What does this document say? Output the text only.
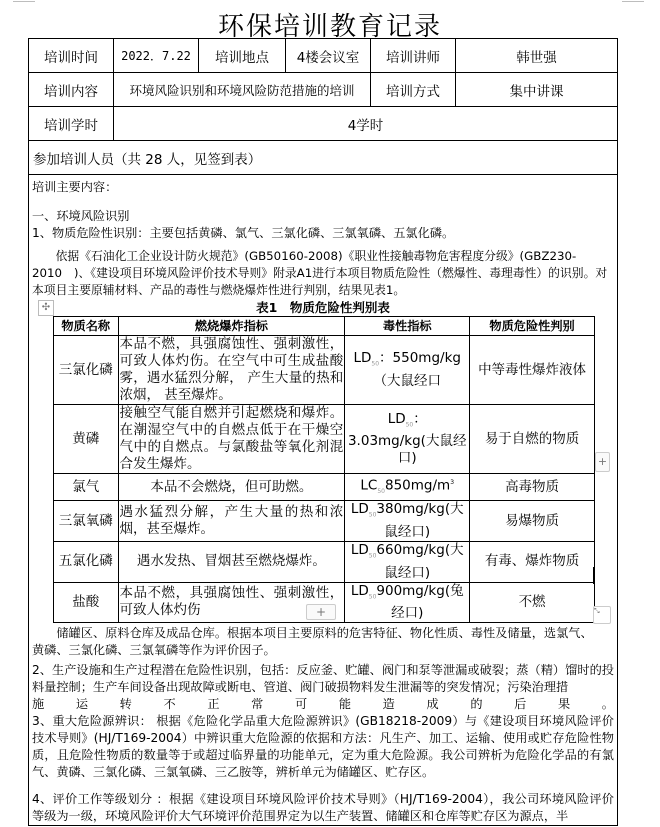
环保培训教育记录
培训时间	2022．7.22	培训地点	4楼会议室	培训讲师	韩世强
培训内容	环境风险识别和环境风险防范措施的培训	培训方式	集中讲课
培训学时	4学时
参加培训人员（共 28 人，见签到表）

培训主要内容：

一、环境风险识别

1、物质危险性识别：主要包括黄磷、氯气、三氯化磷、三氯氧磷、五氯化磷。

依据《石油化工企业设计防火规范》(GB50160-2008)《职业性接触毒物危害程度分级》(GBZ230-2010　)、《建设项目环境风险评价技术导则》附录A1进行本项目物质危险性（燃爆性、毒理毒性）的识别。对本项目主要原辅材料、产品的毒性与燃烧爆炸性进行判别，结果见表1。

✣	表1　物质危险性判别表
物质名称	燃烧爆炸指标	毒性指标	物质危险性判别
三氯化磷	本品不燃，具强腐蚀性、强刺激性，可致人体灼伤。在空气中可生成盐酸雾，遇水猛烈分解， 产生大量的热和浓烟， 甚至爆炸。	$LD_{50}$：550mg/kg（大鼠经口	中等毒性爆炸液体
黄磷	接触空气能自燃并引起燃烧和爆炸。在潮湿空气中的自燃点低于在干燥空气中的自燃点。与氯酸盐等氧化剂混合发生爆炸。	$LD_{50}$：3.03mg/kg(大鼠经口)	易于自燃的物质
氯气	本品不会燃烧，但可助燃。	$LC_{50}850mg/m^3$	高毒物质
三氯氧磷	遇水猛烈分解，产生大量的热和浓烟，甚至爆炸。	$LD_{50}380mg/kg$(大鼠经口)	易爆物质
五氯化磷	遇水发热、冒烟甚至燃烧爆炸。	$LD_{50}660mg/kg$(大鼠经口)	有毒、爆炸物质
盐酸	本品不燃，具强腐蚀性、强刺激性，可致人体灼伤	$LD_{50}900mg/kg$(兔经口)	不燃

储罐区、原料仓库及成品仓库。根据本项目主要原料的危害特征、物化性质、毒性及储量，选氯气、

黄磷、三氯化磷、三氯氧磷等作为评价因子。

2、生产设施和生产过程潜在危险性识别，包括：反应釜、贮罐、阀门和泵等泄漏或破裂；蒸（精）馏时的投料量控制；生产车间设备出现故障或断电、管道、阀门破损物料发生泄漏等的突发情况；污染治理措
施运转不正常可能造成的后果。

3、重大危险源辨识： 根据《危险化学品重大危险源辨识》(GB18218-2009）与《建设项目环境风险评价技术导则》(HJ/T169-2004）中辨识重大危险源的依据和方法：凡生产、加工、运输、使用或贮存危险性物质，且危险性物质的数量等于或超过临界量的功能单元，定为重大危险源。我公司辨析为危险化学品的有氯气、黄磷、三氯化磷、三氯氧磷、三乙胺等，辨析单元为储罐区、贮存区。

4、评价工作等级划分 ：根据《建设项目环境风险评价技术导则》（HJ/T169-2004），我公司环境风险评价等级为一级，环境风险评价大气环境评价范围界定为以生产装置、储罐区和仓库等贮存区为源点，半

+
+	⤡
